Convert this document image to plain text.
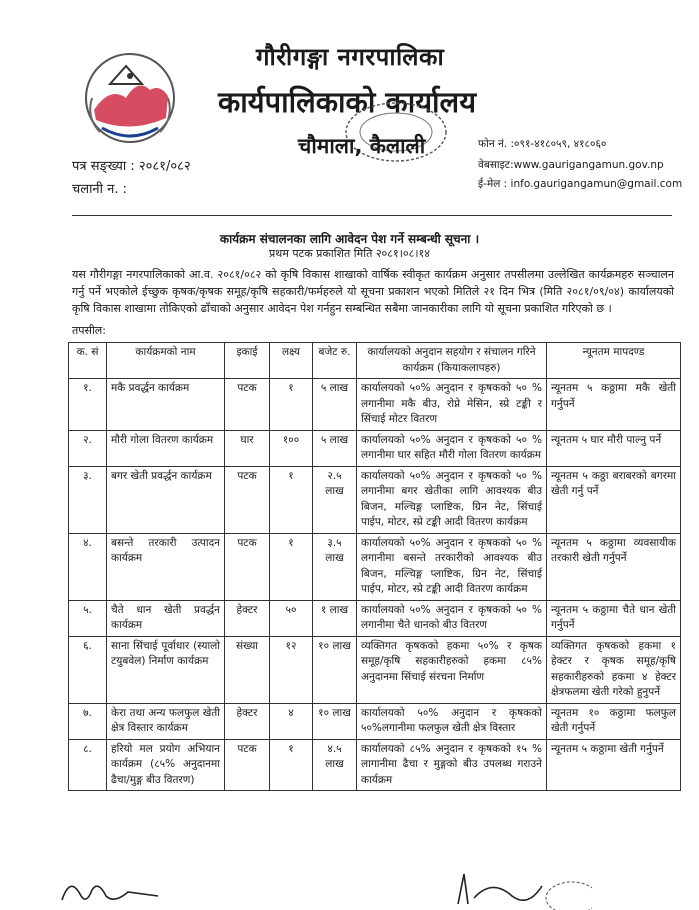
गौरीगङ्गा नगरपालिका
कार्यपालिकाको कार्यालय
चौमाला, कैलाली
पत्र सङ्ख्या : २०८१/०८२
चलानी न. :
फोन नं. :०९१-४१८०५९, ४१८०६०
वेबसाइट:www.gaurigangamun.gov.np
ई-मेल : info.gaurigangamun@gmail.com
कार्यक्रम संचालनका लागि आवेदन पेश गर्ने सम्बन्धी सूचना ।
प्रथम पटक प्रकाशित मिति २०८१।०८।१४
यस गौरीगङ्गा नगरपालिकाको आ.व. २०८१/०८२ को कृषि विकास शाखाको वार्षिक स्वीकृत कार्यक्रम अनुसार तपसीलमा उल्लेखित कार्यक्रमहरु सञ्चालन गर्नु पर्ने भएकोले ईच्छुक कृषक/कृषक समूह/कृषि सहकारी/फर्महरुले यो सूचना प्रकाशन भएको मितिले २१ दिन भित्र (मिति २०८१/०९/०४) कार्यालयको कृषि विकास शाखामा तोकिएको ढाँचाको अनुसार आवेदन पेश गर्नहुन सम्बन्धित सबैमा जानकारीका लागि यो सूचना प्रकाशित गरिएको छ ।
तपसील:
क. सं	कार्यक्रमको नाम	इकाई	लक्ष्य	बजेट रु.	कार्यालयको अनुदान सहयोग र संचालन गरिने कार्यक्रम (कियाकलापहरु)	न्यूनतम मापदण्ड
१.	मकै प्रवर्द्धन कार्यक्रम	पटक	१	५ लाख	कार्यालयको ५०% अनुदान र कृषकको ५० % लगानीमा मकै बीउ, रोप्ने मेसिन, स्प्रे टङ्की र सिंचाई मोटर वितरण	न्यूनतम ५ कठ्ठामा मकै खेती गर्नुपर्ने
२.	मौरी गोला वितरण कार्यक्रम	घार	१००	५ लाख	कार्यालयको ५०% अनुदान र कृषकको ५० % लगानीमा घार सहित मौरी गोला वितरण कार्यक्रम	न्यूनतम ५ घार मौरी पाल्नु पर्ने
३.	बगर खेती प्रवर्द्धन कार्यक्रम	पटक	१	२.५ लाख	कार्यालयको ५०% अनुदान र कृषकको ५० % लगानीमा बगर खेतीका लागि आवश्यक बीउ बिजन, मल्चिङ्ग प्लाष्टिक, ग्रिन नेट, सिंचाई पाईप, मोटर, स्प्रे टङ्की आदी वितरण कार्यक्रम	न्यूनतम ५ कठ्ठा बराबरको बगरमा खेती गर्नु पर्ने
४.	बसन्ते तरकारी उत्पादन कार्यक्रम	पटक	१	३.५ लाख	कार्यालयको ५०% अनुदान र कृषकको ५० % लगानीमा बसन्ते तरकारीको आवश्यक बीउ बिजन, मल्चिङ्ग प्लाष्टिक, ग्रिन नेट, सिंचाई पाईप, मोटर, स्प्रे टङ्की आदी वितरण कार्यक्रम	न्यूनतम ५ कठ्ठामा व्यवसायीक तरकारी खेती गर्नुपर्ने
५.	चैते धान खेती प्रवर्द्धन कार्यक्रम	हेक्टर	५०	१ लाख	कार्यालयको ५०% अनुदान र कृषकको ५० % लगानीमा चैते धानको बीउ वितरण	न्यूनतम ५ कठ्ठामा चैते धान खेती गर्नुपर्ने
६.	साना सिंचाई पूर्वाधार (स्यालो टयुबवेल) निर्माण कार्यक्रम	संख्या	१२	१० लाख	व्यक्तिगत कृषकको हकमा ५०% र कृषक समूह/कृषि सहकारीहरुको हकमा ८५% अनुदानमा सिंचाई संरचना निर्माण	व्यक्तिगत कृषकको हकमा १ हेक्टर र कृषक समूह/कृषि सहकारीहरुको हकमा ४ हेक्टर क्षेत्रफलमा खेती गरेको हुनुपर्ने
७.	केरा तथा अन्य फलफुल खेती क्षेत्र विस्तार कार्यक्रम	हेक्टर	४	१० लाख	कार्यालयको ५०% अनुदान र कृषकको ५०%लगानीमा फलफुल खेती क्षेत्र विस्तार	न्यूनतम १० कठ्ठामा फलफुल खेती गर्नुपर्ने
८.	हरियो मल प्रयोग अभियान कार्यक्रम (८५% अनुदानमा ढैचा/मुङ्ग बीउ वितरण)	पटक	१	४.५ लाख	कार्यालयको ८५% अनुदान र कृषकको १५ % लागानीमा ढैचा र मुङ्गको बीउ उपलब्ध गराउने कार्यक्रम	न्यूनतम ५ कठ्ठामा खेती गर्नुपर्ने
